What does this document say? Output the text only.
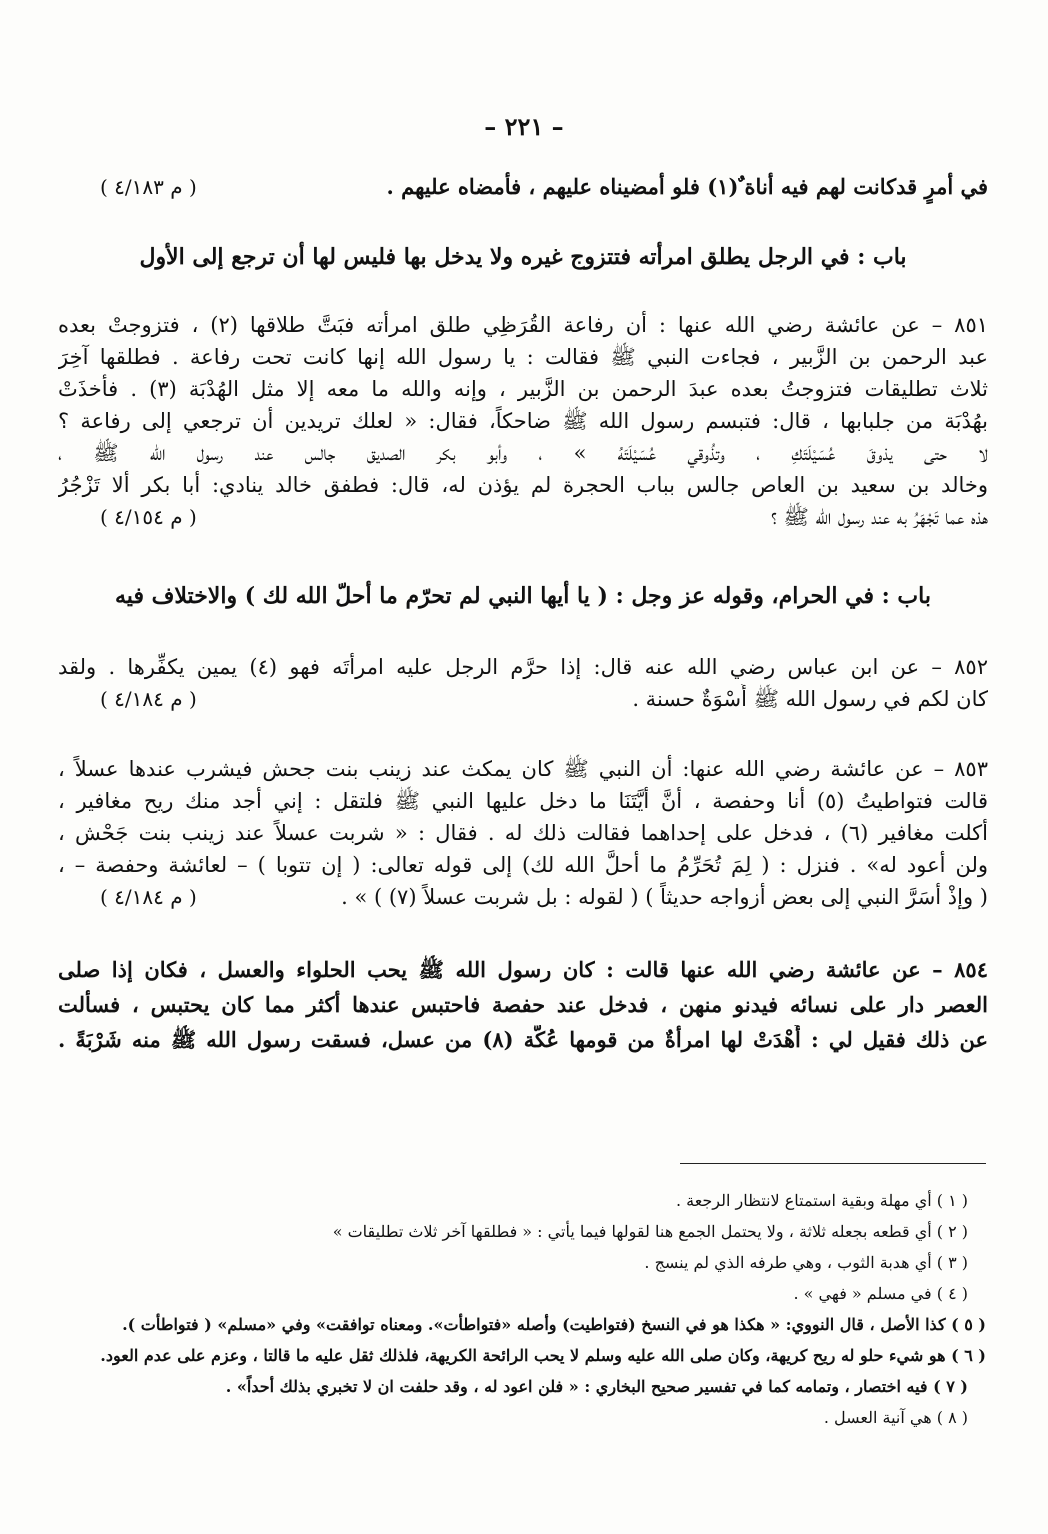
– ٢٢١ –
في أمرٍ قدكانت لهم فيه أناة ٌ(١) فلو أمضيناه عليهم ، فأمضاه عليهم .
( م ٤/١٨٣ )
باب : في الرجل يطلق امرأته فتتزوج غيره ولا يدخل بها فليس لها أن ترجع إلى الأول
٨٥١ – عن عائشة رضي الله عنها : أن رفاعة القُرَظِي طلق امرأته فبَتَّ طلاقها (٢) ، فتزوجتْ بعده
عبد الرحمن بن الزَّبير ، فجاءت النبي ﷺ فقالت : يا رسول الله إنها كانت تحت رفاعة . فطلقها آخِرَ
ثلاث تطليقات فتزوجتُ بعده عبدَ الرحمن بن الزَّبير ، وإنه والله ما معه إلا مثل الهُدْبَة (٣) . فأخذَتْ
بهُدْبَة من جلبابها ، قال: فتبسم رسول الله ﷺ ضاحكاً، فقال: « لعلك تريدين أن ترجعي إلى رفاعة ؟
لا حتى يذوقَ عُسَيْلَتَكِ ، وتذُوقي عُسَيْلَتَهُ » ، وأبو بكر الصديق جالس عند رسول الله ﷺ ،
وخالد بن سعيد بن العاص جالس بباب الحجرة لم يؤذن له، قال: فطفق خالد ينادي: أبا بكر ألا تَزْجُرُ
هذه عما تَجْهَرُ به عند رسول الله ﷺ ؟
( م ٤/١٥٤ )
باب : في الحرام، وقوله عز وجل : ( يا أيها النبي لم تحرّم ما أحلّ الله لك ) والاختلاف فيه
٨٥٢ – عن ابن عباس رضي الله عنه قال: إذا حرَّم الرجل عليه امرأتَه فهو (٤) يمين يكفِّرها . ولقد
كان لكم في رسول الله ﷺ أُسْوَةٌ حسنة .
( م ٤/١٨٤ )
٨٥٣ – عن عائشة رضي الله عنها: أن النبي ﷺ كان يمكث عند زينب بنت جحش فيشرب عندها عسلاً ،
قالت فتواطيتُ (٥) أنا وحفصة ، أنَّ أيَّتَنَا ما دخل عليها النبي ﷺ فلتقل : إني أجد منك ريح مغافير ،
أكلت مغافير (٦) ، فدخل على إحداهما فقالت ذلك له . فقال : « شربت عسلاً عند زينب بنت جَحْش ،
ولن أعود له» . فنزل : ( لِمَ تُحَرِّمُ ما أحلَّ الله لك) إلى قوله تعالى: ( إن تتوبا ) – لعائشة وحفصة – ،
( وإذْ أسَرَّ النبي إلى بعض أزواجه حديثاً ) ( لقوله : بل شربت عسلاً (٧) ) » .
( م ٤/١٨٤ )
٨٥٤ – عن عائشة رضي الله عنها قالت : كان رسول الله ﷺ يحب الحلواء والعسل ، فكان إذا صلى
العصر دار على نسائه فيدنو منهن ، فدخل عند حفصة فاحتبس عندها أكثر مما كان يحتبس ، فسألت
عن ذلك فقيل لي : أَهْدَتْ لها امرأةٌ من قومها عُكَّة (٨) من عسل، فسقت رسول الله ﷺ منه شَرْبَةً .
( ١ ) أي مهلة وبقية استمتاع لانتظار الرجعة .
( ٢ ) أي قطعه بجعله ثلاثة ، ولا يحتمل الجمع هنا لقولها فيما يأتي : « فطلقها آخر ثلاث تطليقات »
( ٣ ) أي هدبة الثوب ، وهي طرفه الذي لم ينسج .
( ٤ ) في مسلم « فهي » .
( ٥ ) كذا الأصل ، قال النووي: « هكذا هو في النسخ (فتواطيت) وأصله «فتواطأت». ومعناه توافقت» وفي «مسلم» ( فتواطأت ).
( ٦ ) هو شيء حلو له ريح كريهة، وكان صلى الله عليه وسلم لا يحب الرائحة الكريهة، فلذلك ثقل عليه ما قالتا ، وعزم على عدم العود.
( ٧ ) فيه اختصار ، وتمامه كما في تفسير صحيح البخاري : « فلن اعود له ، وقد حلفت ان لا تخبري بذلك أحداً» .
( ٨ ) هي آنية العسل .
